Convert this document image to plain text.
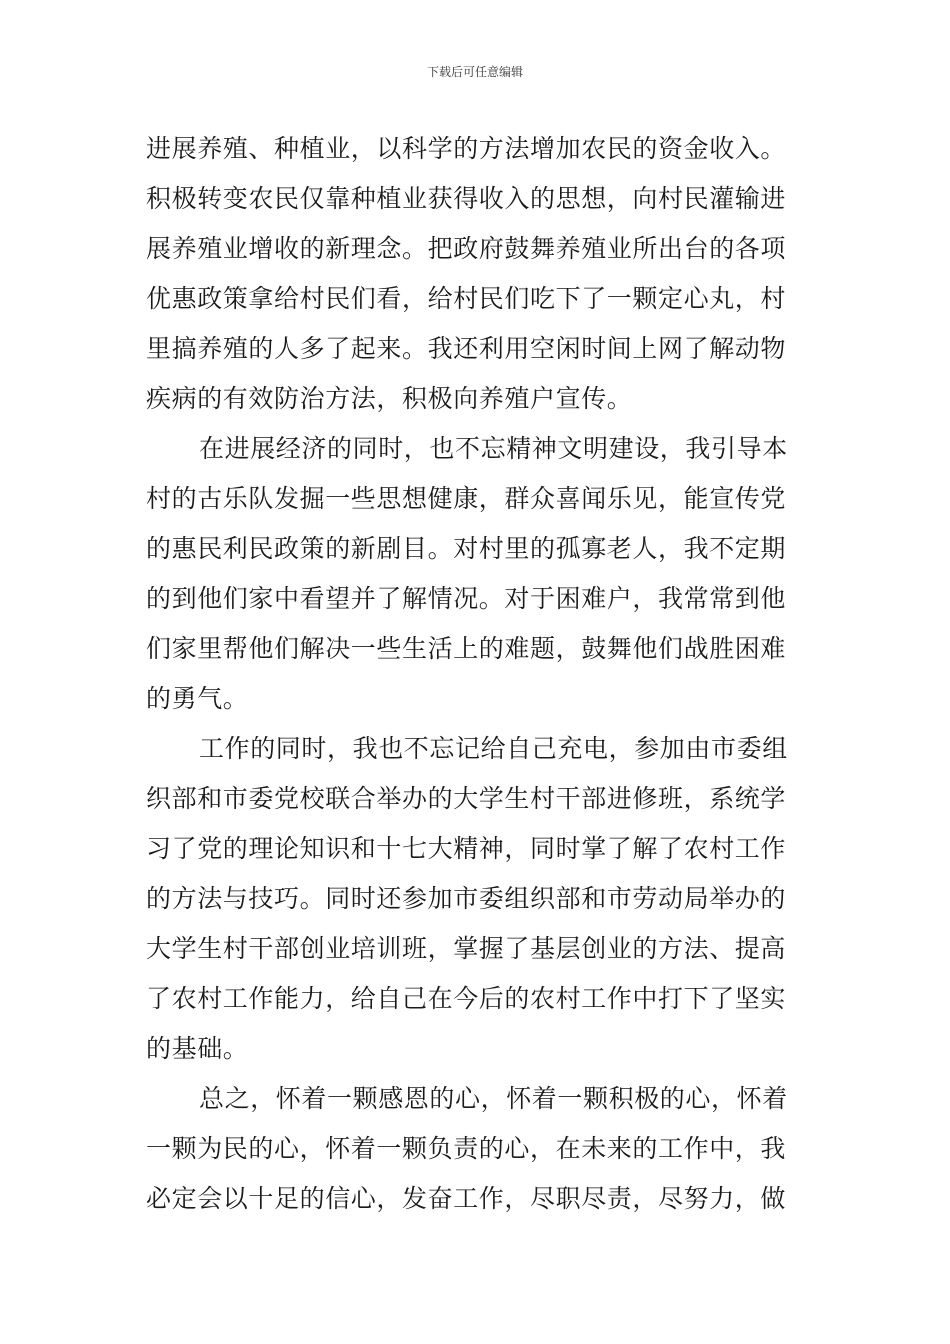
下载后可任意编辑
进展养殖、种植业，以科学的方法增加农民的资金收入。
积极转变农民仅靠种植业获得收入的思想，向村民灌输进
展养殖业增收的新理念。把政府鼓舞养殖业所出台的各项
优惠政策拿给村民们看，给村民们吃下了一颗定心丸，村
里搞养殖的人多了起来。我还利用空闲时间上网了解动物
疾病的有效防治方法，积极向养殖户宣传。
在进展经济的同时，也不忘精神文明建设，我引导本
村的古乐队发掘一些思想健康，群众喜闻乐见，能宣传党
的惠民利民政策的新剧目。对村里的孤寡老人，我不定期
的到他们家中看望并了解情况。对于困难户，我常常到他
们家里帮他们解决一些生活上的难题，鼓舞他们战胜困难
的勇气。
工作的同时，我也不忘记给自己充电，参加由市委组
织部和市委党校联合举办的大学生村干部进修班，系统学
习了党的理论知识和十七大精神，同时掌了解了农村工作
的方法与技巧。同时还参加市委组织部和市劳动局举办的
大学生村干部创业培训班，掌握了基层创业的方法、提高
了农村工作能力，给自己在今后的农村工作中打下了坚实
的基础。
总之，怀着一颗感恩的心，怀着一颗积极的心，怀着
一颗为民的心，怀着一颗负责的心，在未来的工作中，我
必定会以十足的信心，发奋工作，尽职尽责，尽努力，做
